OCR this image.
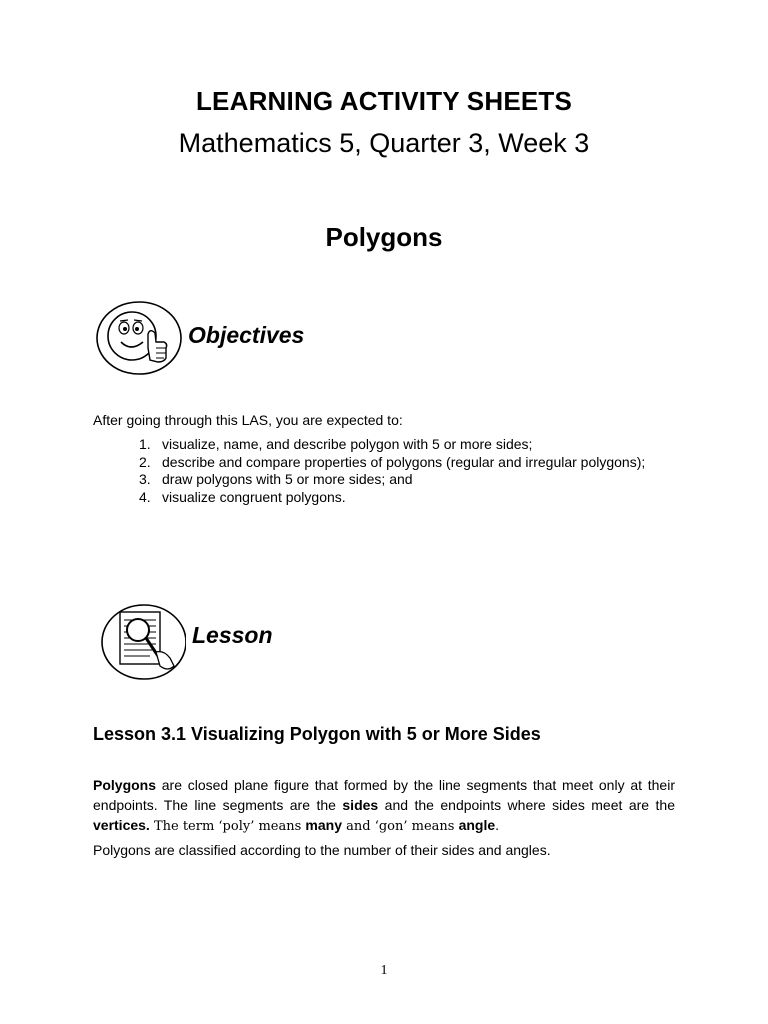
LEARNING ACTIVITY SHEETS
Mathematics 5, Quarter 3, Week 3
Polygons
Objectives
After going through this LAS, you are expected to:
1. visualize, name, and describe polygon with 5 or more sides;
2. describe and compare properties of polygons (regular and irregular polygons);
3. draw polygons with 5 or more sides; and
4. visualize congruent polygons.
Lesson
Lesson 3.1 Visualizing Polygon with 5 or More Sides
Polygons are closed plane figure that formed by the line segments that meet only at their endpoints. The line segments are the sides and the endpoints where sides meet are the vertices. The term ‘poly’ means many and ‘gon’ means angle.
Polygons are classified according to the number of their sides and angles.
1
